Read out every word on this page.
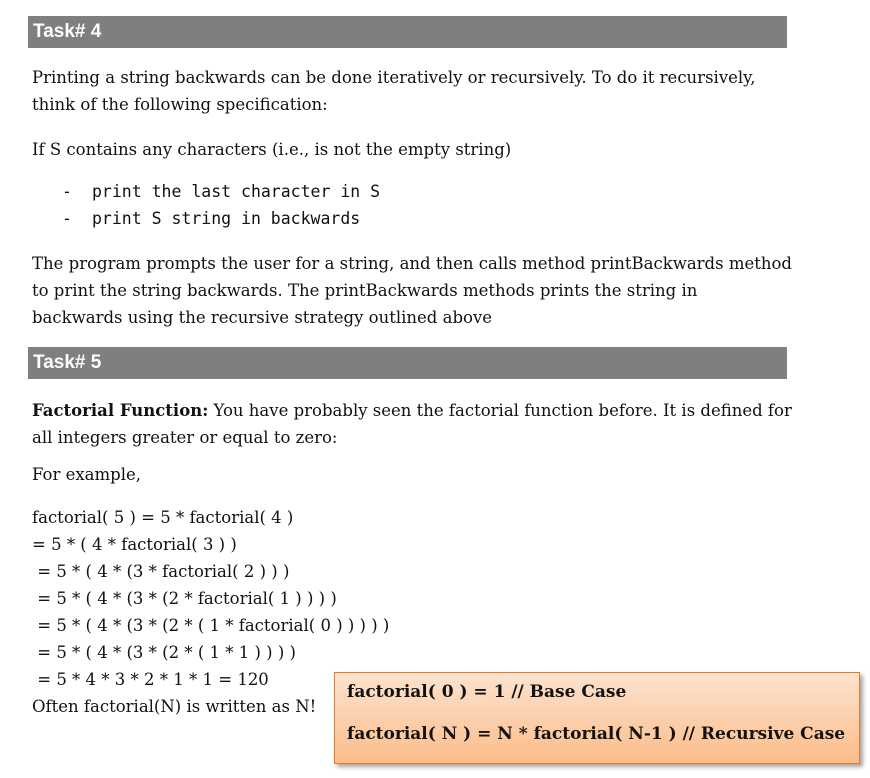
Task# 4

Printing a string backwards can be done iteratively or recursively. To do it recursively, think of the following specification:

If S contains any characters (i.e., is not the empty string)

- print the last character in S
- print S string in backwards

The program prompts the user for a string, and then calls method printBackwards method to print the string backwards. The printBackwards methods prints the string in backwards using the recursive strategy outlined above

Task# 5

Factorial Function: You have probably seen the factorial function before. It is defined for all integers greater or equal to zero:

For example,

factorial( 5 ) = 5 * factorial( 4 )
= 5 * ( 4 * factorial( 3 ) )
= 5 * ( 4 * (3 * factorial( 2 ) ) )
= 5 * ( 4 * (3 * (2 * factorial( 1 ) ) ) )
= 5 * ( 4 * (3 * (2 * ( 1 * factorial( 0 ) ) ) ) )
= 5 * ( 4 * (3 * (2 * ( 1 * 1 ) ) ) )
= 5 * 4 * 3 * 2 * 1 * 1 = 120
Often factorial(N) is written as N!
factorial( 0 ) = 1 // Base Case
factorial( N ) = N * factorial( N-1 ) // Recursive Case
